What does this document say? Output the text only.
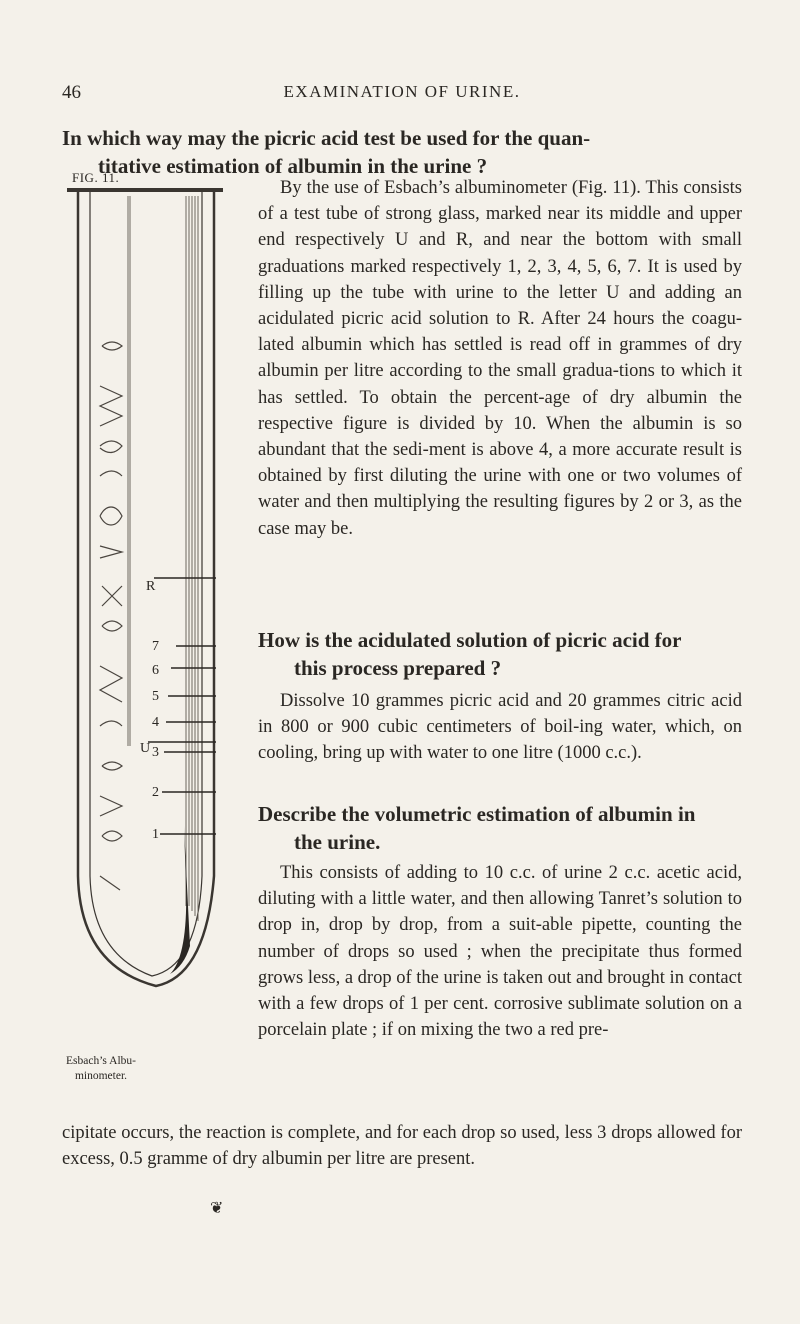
46	EXAMINATION OF URINE.
In which way may the picric acid test be used for the quan-
titative estimation of albumin in the urine ?
FIG. 11.
R
U
7
6
5
4
3
2
1
Esbach’s Albu-minometer.
By the use of Esbach’s albuminometer (Fig. 11). This consists of a test tube of strong glass, marked near its middle and upper end respectively U and R, and near the bottom with small graduations marked respectively 1, 2, 3, 4, 5, 6, 7. It is used by filling up the tube with urine to the letter U and adding an acidulated picric acid solution to R. After 24 hours the coagu-lated albumin which has settled is read off in grammes of dry albumin per litre according to the small gradua-tions to which it has settled. To obtain the percent-age of dry albumin the respective figure is divided by 10. When the albumin is so abundant that the sedi-ment is above 4, a more accurate result is obtained by first diluting the urine with one or two volumes of water and then multiplying the resulting figures by 2 or 3, as the case may be.
How is the acidulated solution of picric acid for
this process prepared ?
Dissolve 10 grammes picric acid and 20 grammes citric acid in 800 or 900 cubic centimeters of boil-ing water, which, on cooling, bring up with water to one litre (1000 c.c.).
Describe the volumetric estimation of albumin in
the urine.
This consists of adding to 10 c.c. of urine 2 c.c. acetic acid, diluting with a little water, and then allowing Tanret’s solution to drop in, drop by drop, from a suit-able pipette, counting the number of drops so used ; when the precipitate thus formed grows less, a drop of the urine is taken out and brought in contact with a few drops of 1 per cent. corrosive sublimate solution on a porcelain plate ; if on mixing the two a red pre-
cipitate occurs, the reaction is complete, and for each drop so used, less 3 drops allowed for excess, 0.5 gramme of dry albumin per litre are present.
❦
